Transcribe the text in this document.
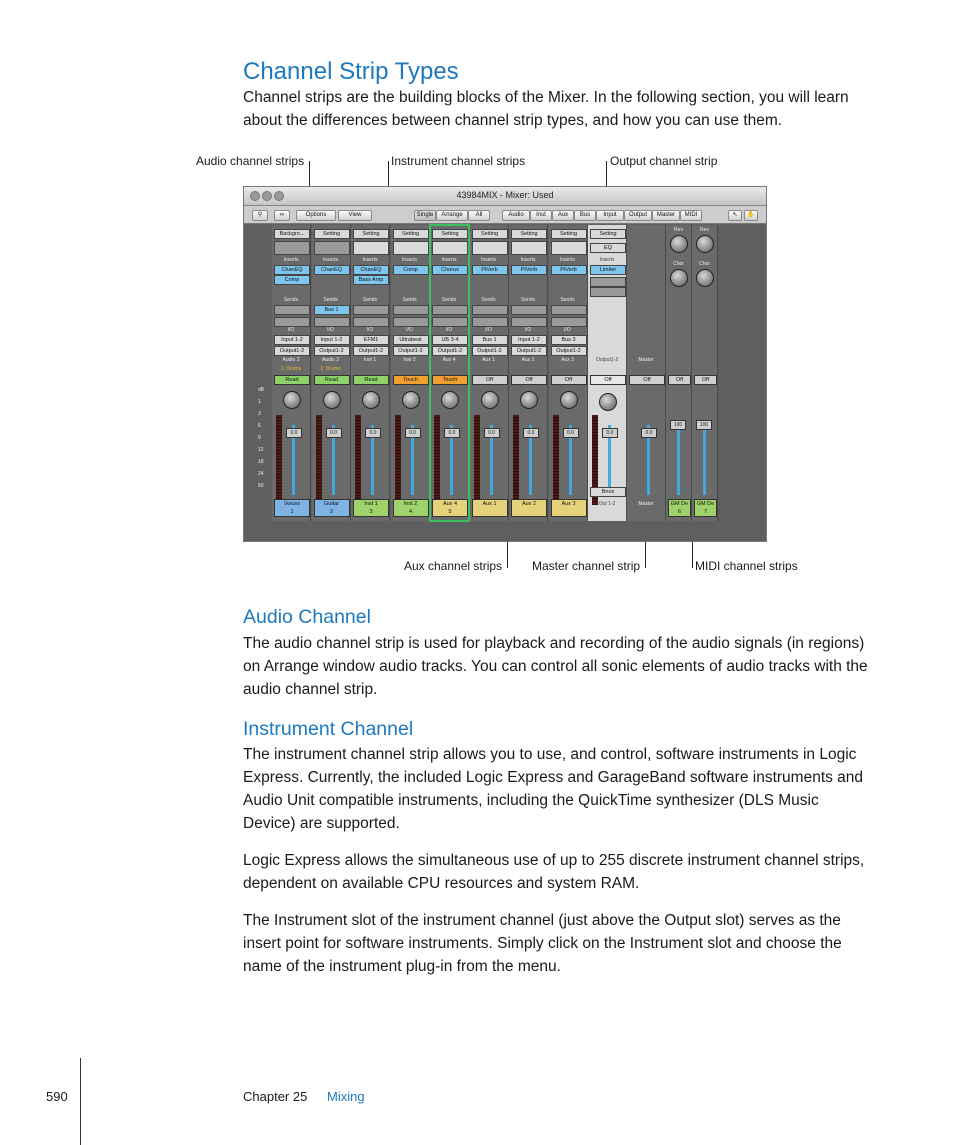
Channel Strip Types

Channel strips are the building blocks of the Mixer. In the following section, you will learn about the differences between channel strip types, and how you can use them.

Audio channel strips	Instrument channel strips	Output channel strip
Aux channel strips Master channel strip	MIDI channel strips
43984MIX - Mixer: Used
⚲	∞	Options	View	Single	Arrange	All	Audio	Inst	Aux	Bus	Input	Output	Master	MIDI	↖	✋
dB
1
3
6
9
12
18
24
50
Backgro...
Inserts
ChanEQ
Comp
Sends
I/O
Input 1-2
Output1-2
Audio 2
1: Drums
Read
0.0
Voices
1
Setting
Inserts
ChanEQ
Sends
Bus 1
I/O
Input 1-2
Output1-2
Audio 3
1: Drums
Read
0.0
Guitar
2
Setting
Inserts
ChanEQ
Bass Amp
Sends
I/O
EFM1
Output1-2
Inst 1
Read
0.0
Inst 1
3
Setting
Inserts
Comp
Sends
I/O
Ultrabeat
Output1-2
Inst 2
Touch
0.0
Inst 2
4
Setting
Inserts
Chorus
Sends
I/O
UB 3-4
Output1-2
Aux 4
Touch
0.0
Aux 4
5
Setting
Inserts
PtVerb
Sends
I/O
Bus 1
Output1-2
Aux 1
Off
0.0
Aux 1
Setting
Inserts
PtVerb
Sends
I/O
Input 1-2
Output1-2
Aux 2
Off
0.0
Aux 2
Setting
Inserts
PtVerb
Sends
I/O
Bus 3
Output1-2
Aux 3
Off
0.0
Aux 3
Setting
EQ
Inserts
Limiter
Output1-2
Off
0.0
Bnce
Out 1-2
Master
Off
0.0
Master
Rev
Chor
Off
100
GM De
6
Rev
Chor
Off
100
GM De
7
Audio Channel

The audio channel strip is used for playback and recording of the audio signals (in regions) on Arrange window audio tracks. You can control all sonic elements of audio tracks with the audio channel strip.

Instrument Channel

The instrument channel strip allows you to use, and control, software instruments in Logic Express. Currently, the included Logic Express and GarageBand software instruments and Audio Unit compatible instruments, including the QuickTime synthesizer (DLS Music Device) are supported.

Logic Express allows the simultaneous use of up to 255 discrete instrument channel strips, dependent on available CPU resources and system RAM.

The Instrument slot of the instrument channel (just above the Output slot) serves as the insert point for software instruments. Simply click on the Instrument slot and choose the name of the instrument plug-in from the menu.

590	Chapter 25 Mixing
